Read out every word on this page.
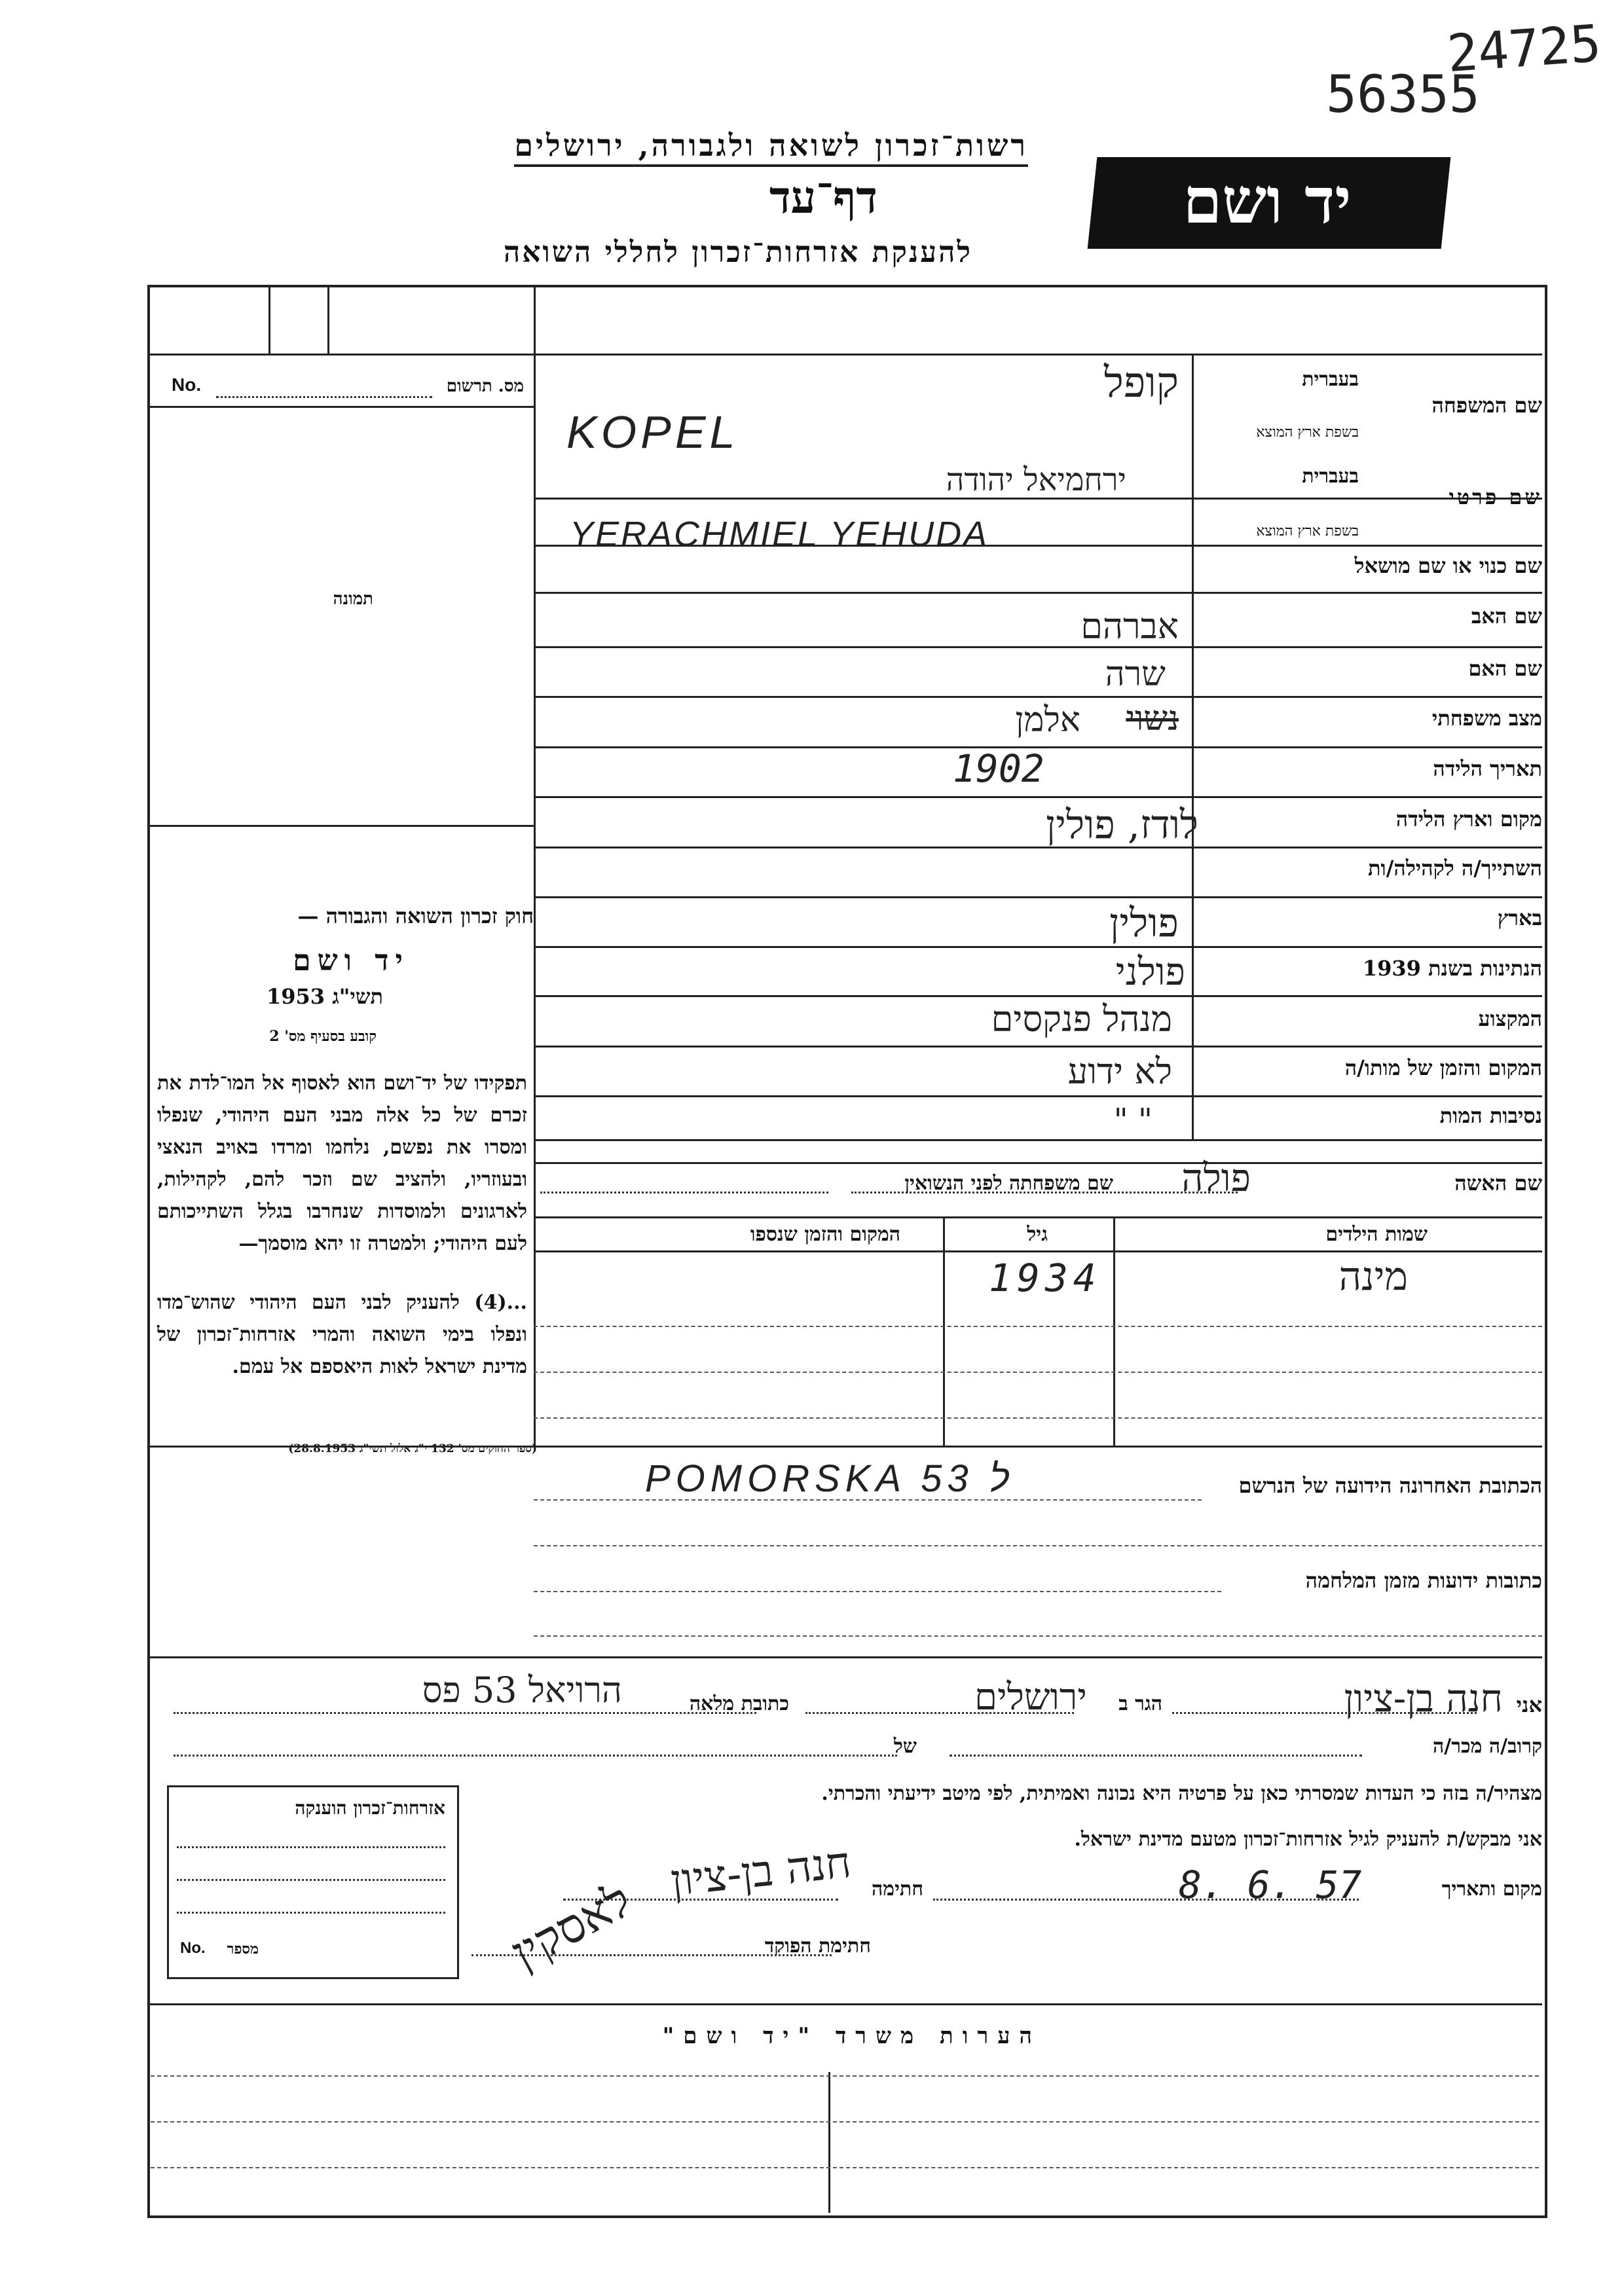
24725
56355
רשות־זכרון לשואה ולגבורה, ירושלים
דף־עד
להענקת אזרחות־זכרון לחללי השואה
יד ושם
מס. תרשום
No.
תמונה
חוק זכרון השואה והגבורה —
יד ושם
תשי"ג 1953
קובע בסעיף מס' 2
תפקידו של יד־ושם הוא לאסוף אל המו־לדת את זכרם של כל אלה מבני העם היהודי, שנפלו ומסרו את נפשם, נלחמו ומרדו באויב הנאצי ובעוזריו, ולהציב שם וזכר להם, לקהילות, לארגונים ולמוסדות שנחרבו בגלל השתייכותם לעם היהודי; ולמטרה זו יהא מוסמך—
...(4) להעניק לבני העם היהודי שהוש־מדו ונפלו בימי השואה והמרי אזרחות־זכרון של מדינת ישראל לאות היאספם אל עמם.
(ספר החוקים מס' 132 י"ג אלול תשי"ג 28.8.1953)
שם המשפחה
בעברית
בשפת ארץ המוצא
שם פרטי
בעברית
בשפת ארץ המוצא
שם כנוי או שם מושאל
שם האב
שם האם
מצב משפחתי
תאריך הלידה
מקום וארץ הלידה
השתייך/ה לקהילה/ות
בארץ
הנתינות בשנת 1939
המקצוע
המקום והזמן של מותו/ה
נסיבות המות
קופל
KOPEL
ירחמיאל יהודה
YERACHMIEL YEHUDA
אברהם
שרה
נשוי
אלמן
1902
לודז, פולין
פולין
פולני
מנהל פנקסים
לא ידוע
" "
שם האשה
פולה
שם משפחתה לפני הנשואין
שמות הילדים
גיל
המקום והזמן שנספו
מינה
1934
הכתובת האחרונה הידועה של הנרשם
POMORSKA 53 ל
כתובות ידועות מזמן המלחמה
אני
חנה בן-ציון
הגר ב
ירושלים
כתובת מלאה
הרויאל 53 פס
קרוב/ה מכר/ה
של
מצהיר/ה בזה כי העדות שמסרתי כאן על פרטיה היא נכונה ואמיתית, לפי מיטב ידיעתי והכרתי.
אני מבקש/ת להעניק לגיל אזרחות־זכרון מטעם מדינת ישראל.
מקום ותאריך
8. 6. 57
חתימה
חנה בן-ציון
חתימת הפוקד
לאסקין
אזרחות־זכרון הוענקה
No. מספר
הערות משרד "יד ושם"
